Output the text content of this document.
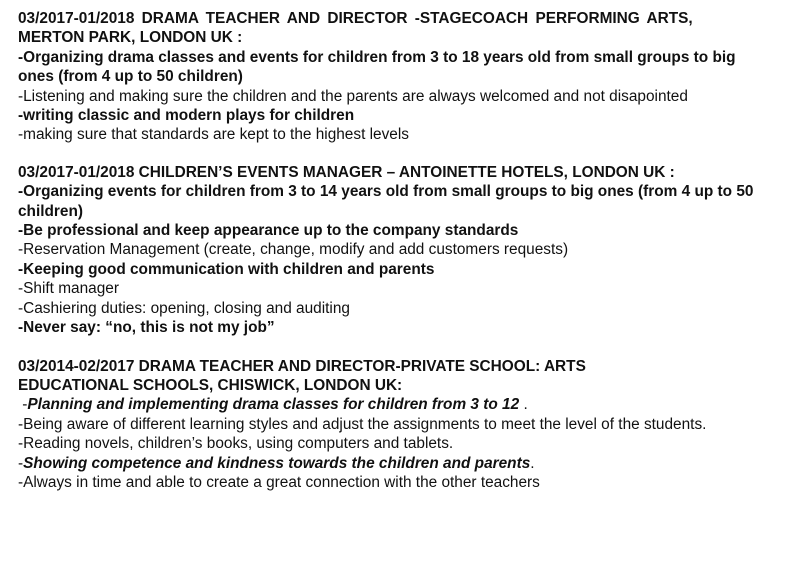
03/2017-01/2018 DRAMA TEACHER AND DIRECTOR -STAGECOACH PERFORMING ARTS,
MERTON PARK, LONDON UK :
-Organizing drama classes and events for children from 3 to 18 years old from small groups to big ones (from 4 up to 50 children)
-Listening and making sure the children and the parents are always welcomed and not disapointed
-writing classic and modern plays for children
-making sure that standards are kept to the highest levels
03/2017-01/2018 CHILDREN’S EVENTS MANAGER – ANTOINETTE HOTELS, LONDON UK :
-Organizing events for children from 3 to 14 years old from small groups to big ones (from 4 up to 50 children)
-Be professional and keep appearance up to the company standards
-Reservation Management (create, change, modify and add customers requests)
-Keeping good communication with children and parents
-Shift manager
-Cashiering duties: opening, closing and auditing
-Never say: “no, this is not my job”
03/2014-02/2017 DRAMA TEACHER AND DIRECTOR-PRIVATE SCHOOL: ARTS
EDUCATIONAL SCHOOLS, CHISWICK, LONDON UK:
-Planning and implementing drama classes for children from 3 to 12 .
-Being aware of different learning styles and adjust the assignments to meet the level of the students.
-Reading novels, children’s books, using computers and tablets.
-Showing competence and kindness towards the children and parents.
-Always in time and able to create a great connection with the other teachers
